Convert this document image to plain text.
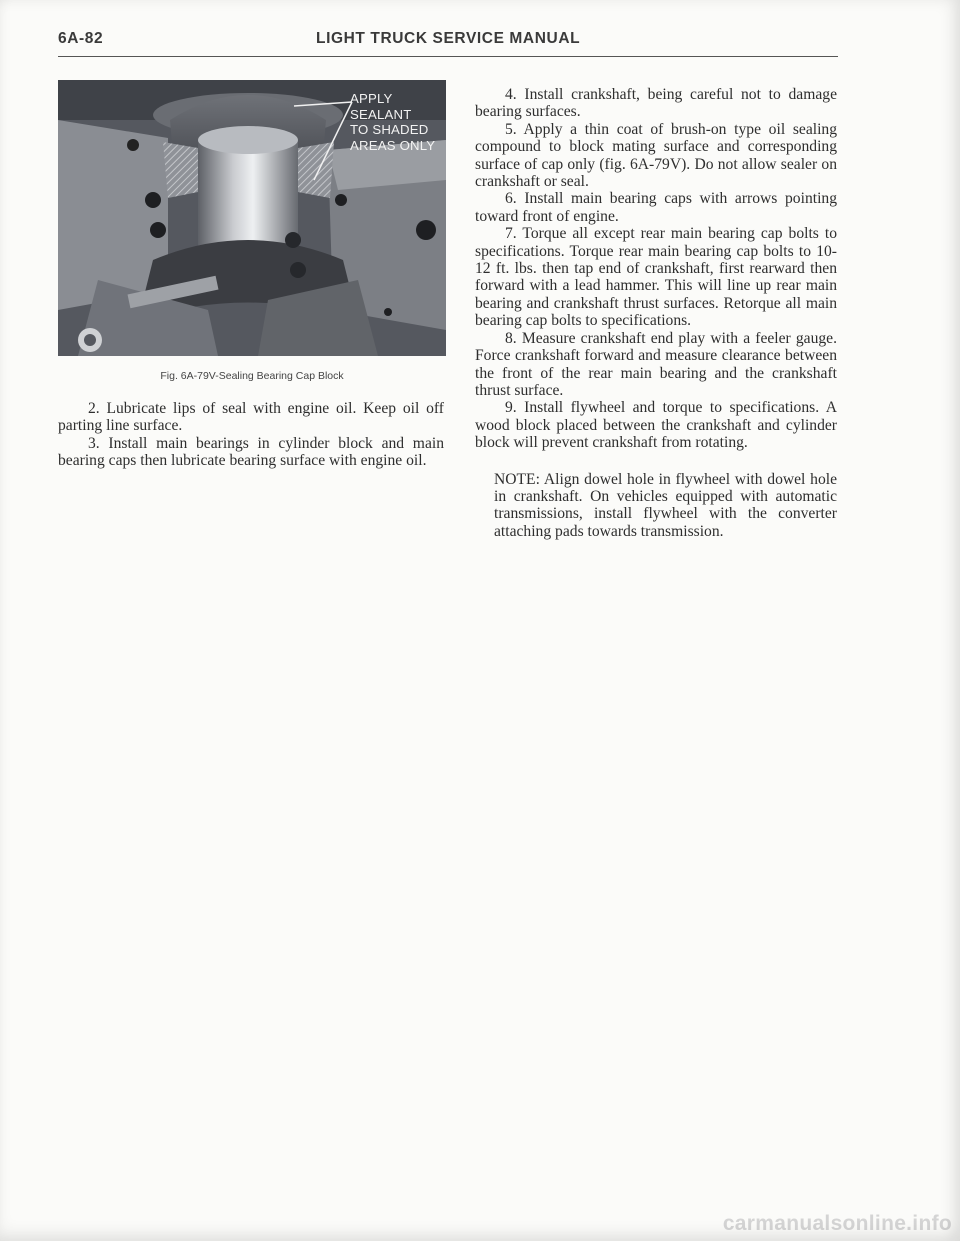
6A-82	LIGHT TRUCK SERVICE MANUAL
APPLY
SEALANT
TO SHADED
AREAS ONLY
Fig. 6A-79V-Sealing Bearing Cap Block

2. Lubricate lips of seal with engine oil. Keep oil off parting line surface.

3. Install main bearings in cylinder block and main bearing caps then lubricate bearing surface with engine oil.

4. Install crankshaft, being careful not to damage bearing surfaces.

5. Apply a thin coat of brush-on type oil sealing compound to block mating surface and corresponding surface of cap only (fig. 6A-79V). Do not allow sealer on crankshaft or seal.

6. Install main bearing caps with arrows pointing toward front of engine.

7. Torque all except rear main bearing cap bolts to specifications. Torque rear main bearing cap bolts to 10-12 ft. lbs. then tap end of crankshaft, first rearward then forward with a lead hammer. This will line up rear main bearing and crankshaft thrust surfaces. Retorque all main bearing cap bolts to specifications.

8. Measure crankshaft end play with a feeler gauge. Force crankshaft forward and measure clearance between the front of the rear main bearing and the crankshaft thrust surface.

9. Install flywheel and torque to specifications. A wood block placed between the crankshaft and cylinder block will prevent crankshaft from rotating.

NOTE: Align dowel hole in flywheel with dowel hole in crankshaft. On vehicles equipped with automatic transmissions, install flywheel with the converter attaching pads towards transmission.
carmanualsonline.info
